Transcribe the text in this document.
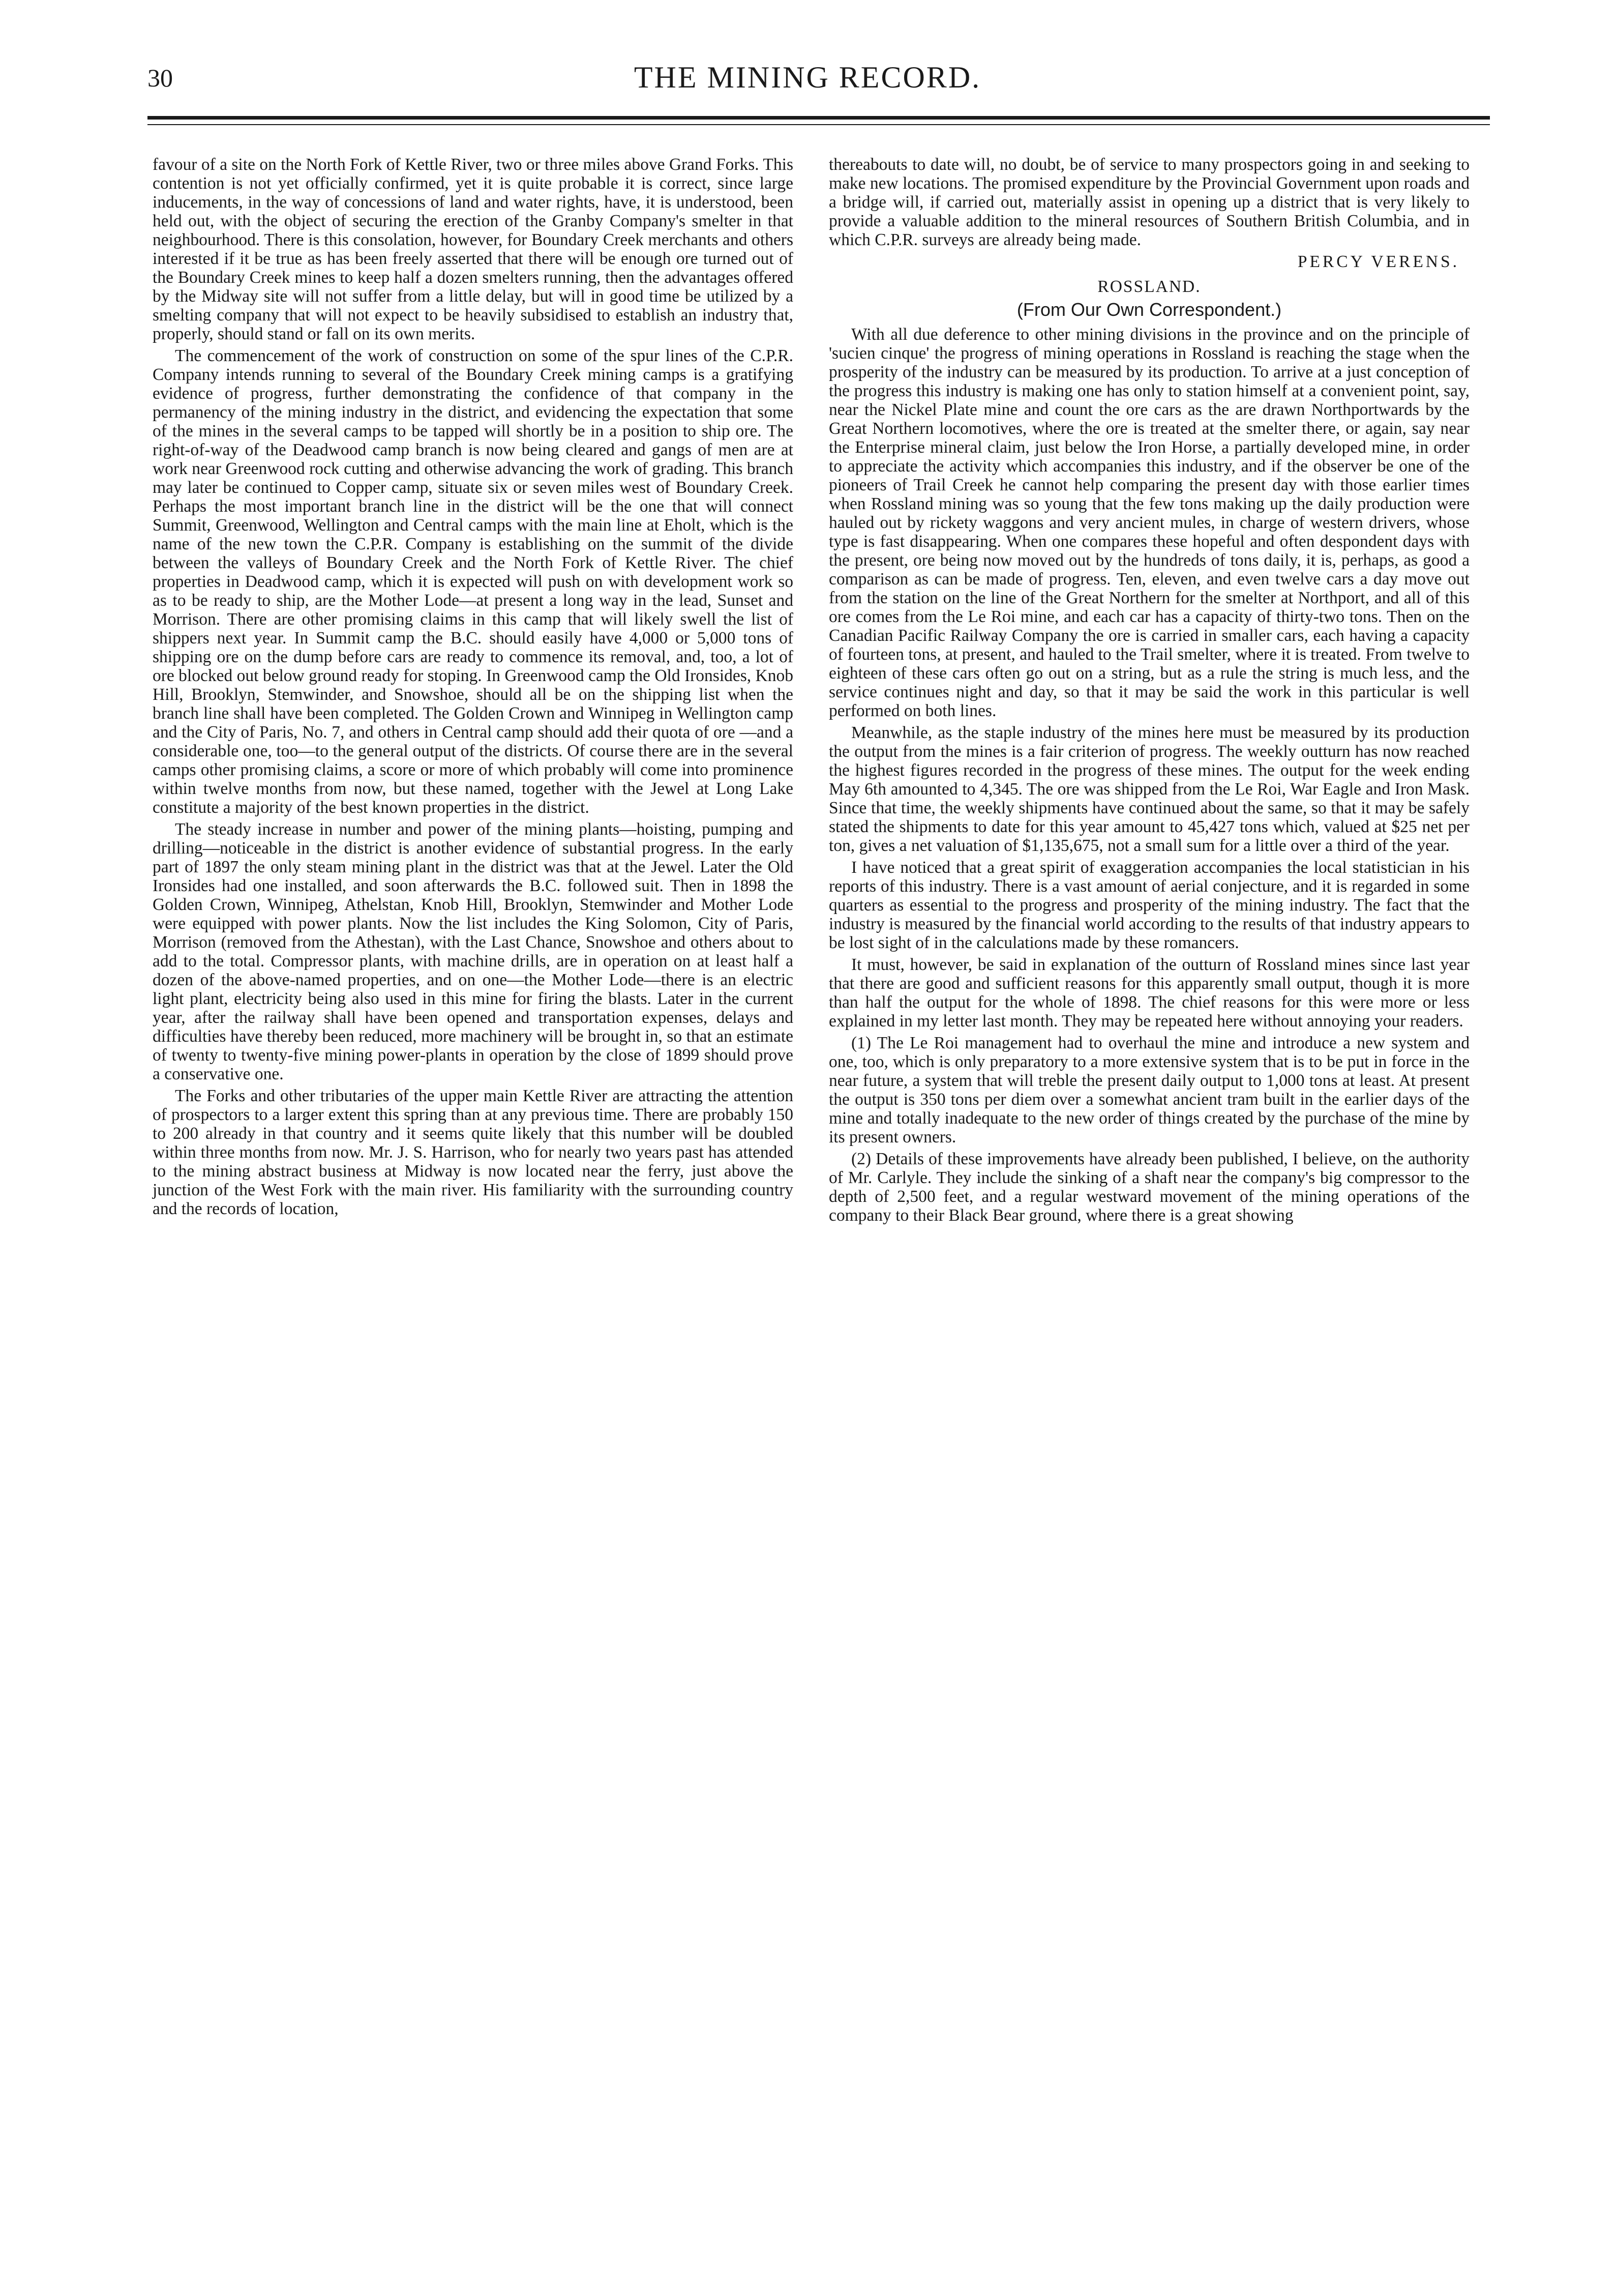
30	THE MINING RECORD.

favour of a site on the North Fork of Kettle River, two or three miles above Grand Forks. This contention is not yet officially confirmed, yet it is quite probable it is correct, since large inducements, in the way of concessions of land and water rights, have, it is understood, been held out, with the object of securing the erection of the Granby Company's smelter in that neighbourhood. There is this consolation, however, for Boundary Creek merchants and others interested if it be true as has been freely asserted that there will be enough ore turned out of the Boundary Creek mines to keep half a dozen smelters running, then the advantages offered by the Midway site will not suffer from a little delay, but will in good time be utilized by a smelting company that will not expect to be heavily subsidised to establish an industry that, properly, should stand or fall on its own merits.

The commencement of the work of construction on some of the spur lines of the C.P.R. Company intends running to several of the Boundary Creek mining camps is a gratifying evidence of progress, further demonstrating the confidence of that company in the permanency of the mining industry in the district, and evidencing the expectation that some of the mines in the several camps to be tapped will shortly be in a position to ship ore. The right-of-way of the Deadwood camp branch is now being cleared and gangs of men are at work near Greenwood rock cutting and otherwise advancing the work of grading. This branch may later be continued to Copper camp, situate six or seven miles west of Boundary Creek. Perhaps the most important branch line in the district will be the one that will connect Summit, Greenwood, Wellington and Central camps with the main line at Eholt, which is the name of the new town the C.P.R. Company is establishing on the summit of the divide between the valleys of Boundary Creek and the North Fork of Kettle River. The chief properties in Deadwood camp, which it is expected will push on with development work so as to be ready to ship, are the Mother Lode—at present a long way in the lead, Sunset and Morrison. There are other promising claims in this camp that will likely swell the list of shippers next year. In Summit camp the B.C. should easily have 4,000 or 5,000 tons of shipping ore on the dump before cars are ready to commence its removal, and, too, a lot of ore blocked out below ground ready for stoping. In Greenwood camp the Old Ironsides, Knob Hill, Brooklyn, Stemwinder, and Snowshoe, should all be on the shipping list when the branch line shall have been completed. The Golden Crown and Winnipeg in Wellington camp and the City of Paris, No. 7, and others in Central camp should add their quota of ore —and a considerable one, too—to the general output of the districts. Of course there are in the several camps other promising claims, a score or more of which probably will come into prominence within twelve months from now, but these named, together with the Jewel at Long Lake constitute a majority of the best known properties in the district.

The steady increase in number and power of the mining plants—hoisting, pumping and drilling—noticeable in the district is another evidence of substantial progress. In the early part of 1897 the only steam mining plant in the district was that at the Jewel. Later the Old Ironsides had one installed, and soon afterwards the B.C. followed suit. Then in 1898 the Golden Crown, Winnipeg, Athelstan, Knob Hill, Brooklyn, Stemwinder and Mother Lode were equipped with power plants. Now the list includes the King Solomon, City of Paris, Morrison (removed from the Athestan), with the Last Chance, Snowshoe and others about to add to the total. Compressor plants, with machine drills, are in operation on at least half a dozen of the above-named properties, and on one—the Mother Lode—there is an electric light plant, electricity being also used in this mine for firing the blasts. Later in the current year, after the railway shall have been opened and transportation expenses, delays and difficulties have thereby been reduced, more machinery will be brought in, so that an estimate of twenty to twenty-five mining power-plants in operation by the close of 1899 should prove a conservative one.

The Forks and other tributaries of the upper main Kettle River are attracting the attention of prospectors to a larger extent this spring than at any previous time. There are probably 150 to 200 already in that country and it seems quite likely that this number will be doubled within three months from now. Mr. J. S. Harrison, who for nearly two years past has attended to the mining abstract business at Midway is now located near the ferry, just above the junction of the West Fork with the main river. His familiarity with the surrounding country and the records of location,

thereabouts to date will, no doubt, be of service to many prospectors going in and seeking to make new locations. The promised expenditure by the Provincial Government upon roads and a bridge will, if carried out, materially assist in opening up a district that is very likely to provide a valuable addition to the mineral resources of Southern British Columbia, and in which C.P.R. surveys are already being made.

PERCY VERENS.
ROSSLAND.
(From Our Own Correspondent.)

With all due deference to other mining divisions in the province and on the principle of 'sucien cinque' the progress of mining operations in Rossland is reaching the stage when the prosperity of the industry can be measured by its production. To arrive at a just conception of the progress this industry is making one has only to station himself at a convenient point, say, near the Nickel Plate mine and count the ore cars as the are drawn Northportwards by the Great Northern locomotives, where the ore is treated at the smelter there, or again, say near the Enterprise mineral claim, just below the Iron Horse, a partially developed mine, in order to appreciate the activity which accompanies this industry, and if the observer be one of the pioneers of Trail Creek he cannot help comparing the present day with those earlier times when Rossland mining was so young that the few tons making up the daily production were hauled out by rickety waggons and very ancient mules, in charge of western drivers, whose type is fast disappearing. When one compares these hopeful and often despondent days with the present, ore being now moved out by the hundreds of tons daily, it is, perhaps, as good a comparison as can be made of progress. Ten, eleven, and even twelve cars a day move out from the station on the line of the Great Northern for the smelter at Northport, and all of this ore comes from the Le Roi mine, and each car has a capacity of thirty-two tons. Then on the Canadian Pacific Railway Company the ore is carried in smaller cars, each having a capacity of fourteen tons, at present, and hauled to the Trail smelter, where it is treated. From twelve to eighteen of these cars often go out on a string, but as a rule the string is much less, and the service continues night and day, so that it may be said the work in this particular is well performed on both lines.

Meanwhile, as the staple industry of the mines here must be measured by its production the output from the mines is a fair criterion of progress. The weekly outturn has now reached the highest figures recorded in the progress of these mines. The output for the week ending May 6th amounted to 4,345. The ore was shipped from the Le Roi, War Eagle and Iron Mask. Since that time, the weekly shipments have continued about the same, so that it may be safely stated the shipments to date for this year amount to 45,427 tons which, valued at $25 net per ton, gives a net valuation of $1,135,675, not a small sum for a little over a third of the year.

I have noticed that a great spirit of exaggeration accompanies the local statistician in his reports of this industry. There is a vast amount of aerial conjecture, and it is regarded in some quarters as essential to the progress and prosperity of the mining industry. The fact that the industry is measured by the financial world according to the results of that industry appears to be lost sight of in the calculations made by these romancers.

It must, however, be said in explanation of the outturn of Rossland mines since last year that there are good and sufficient reasons for this apparently small output, though it is more than half the output for the whole of 1898. The chief reasons for this were more or less explained in my letter last month. They may be repeated here without annoying your readers.

(1) The Le Roi management had to overhaul the mine and introduce a new system and one, too, which is only preparatory to a more extensive system that is to be put in force in the near future, a system that will treble the present daily output to 1,000 tons at least. At present the output is 350 tons per diem over a somewhat ancient tram built in the earlier days of the mine and totally inadequate to the new order of things created by the purchase of the mine by its present owners.

(2) Details of these improvements have already been published, I believe, on the authority of Mr. Carlyle. They include the sinking of a shaft near the company's big compressor to the depth of 2,500 feet, and a regular westward movement of the mining operations of the company to their Black Bear ground, where there is a great showing
